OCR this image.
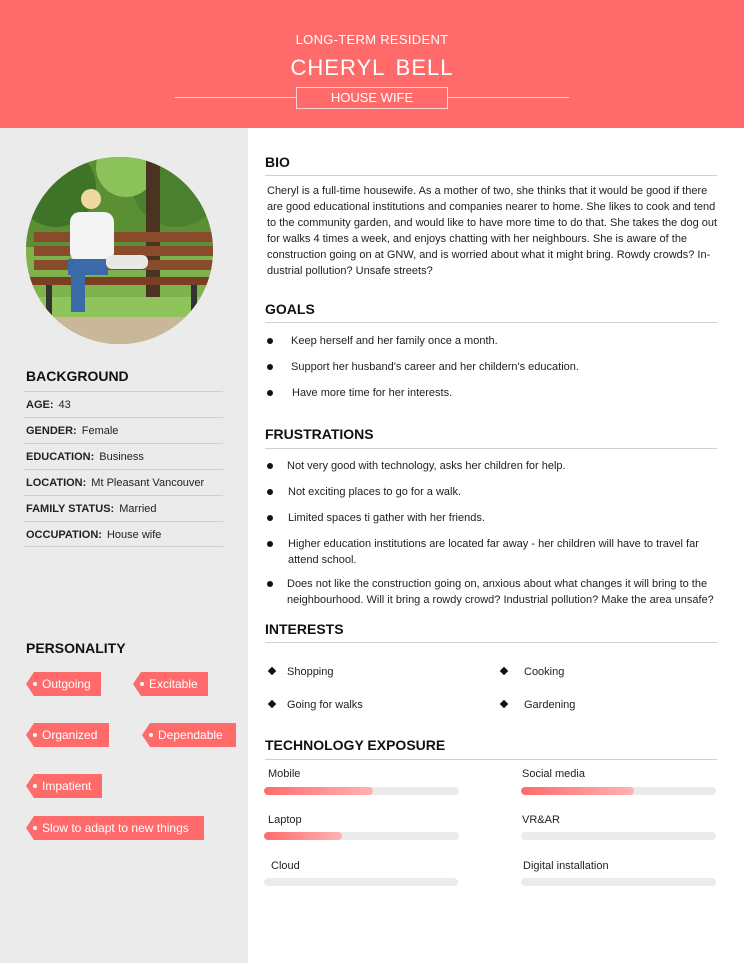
LONG-TERM RESIDENT
CHERYL BELL
HOUSE WIFE
BACKGROUND
AGE: 43
GENDER: Female
EDUCATION: Business
LOCATION: Mt Pleasant Vancouver
FAMILY STATUS: Married
OCCUPATION: House wife
PERSONALITY
Outgoing	Excitable
Organized	Dependable
Impatient
Slow to adapt to new things
BIO
Cheryl is a full-time housewife. As a mother of two, she thinks that it would be good if there are good educational institutions and companies nearer to home. She likes to cook and tend to the community garden, and would like to have more time to do that. She takes the dog out for walks 4 times a week, and enjoys chatting with her neighbours. She is aware of the construction going on at GNW, and is worried about what it might bring. Rowdy crowds? In-dustrial pollution? Unsafe streets?
GOALS
Keep herself and her family once a month.
Support her husband's career and her childern's education.
Have more time for her interests.
FRUSTRATIONS
Not very good with technology, asks her children for help.
Not exciting places to go for a walk.
Limited spaces ti gather with her friends.
Higher education institutions are located far away - her children will have to travel far attend school.
Does not like the construction going on, anxious about what changes it will bring to the neighbourhood. Will it bring a rowdy crowd? Industrial pollution? Make the area unsafe?
INTERESTS
Shopping	Cooking
Going for walks	Gardening
TECHNOLOGY EXPOSURE
Mobile	Social media
Laptop	VR&AR
Cloud	Digital installation
